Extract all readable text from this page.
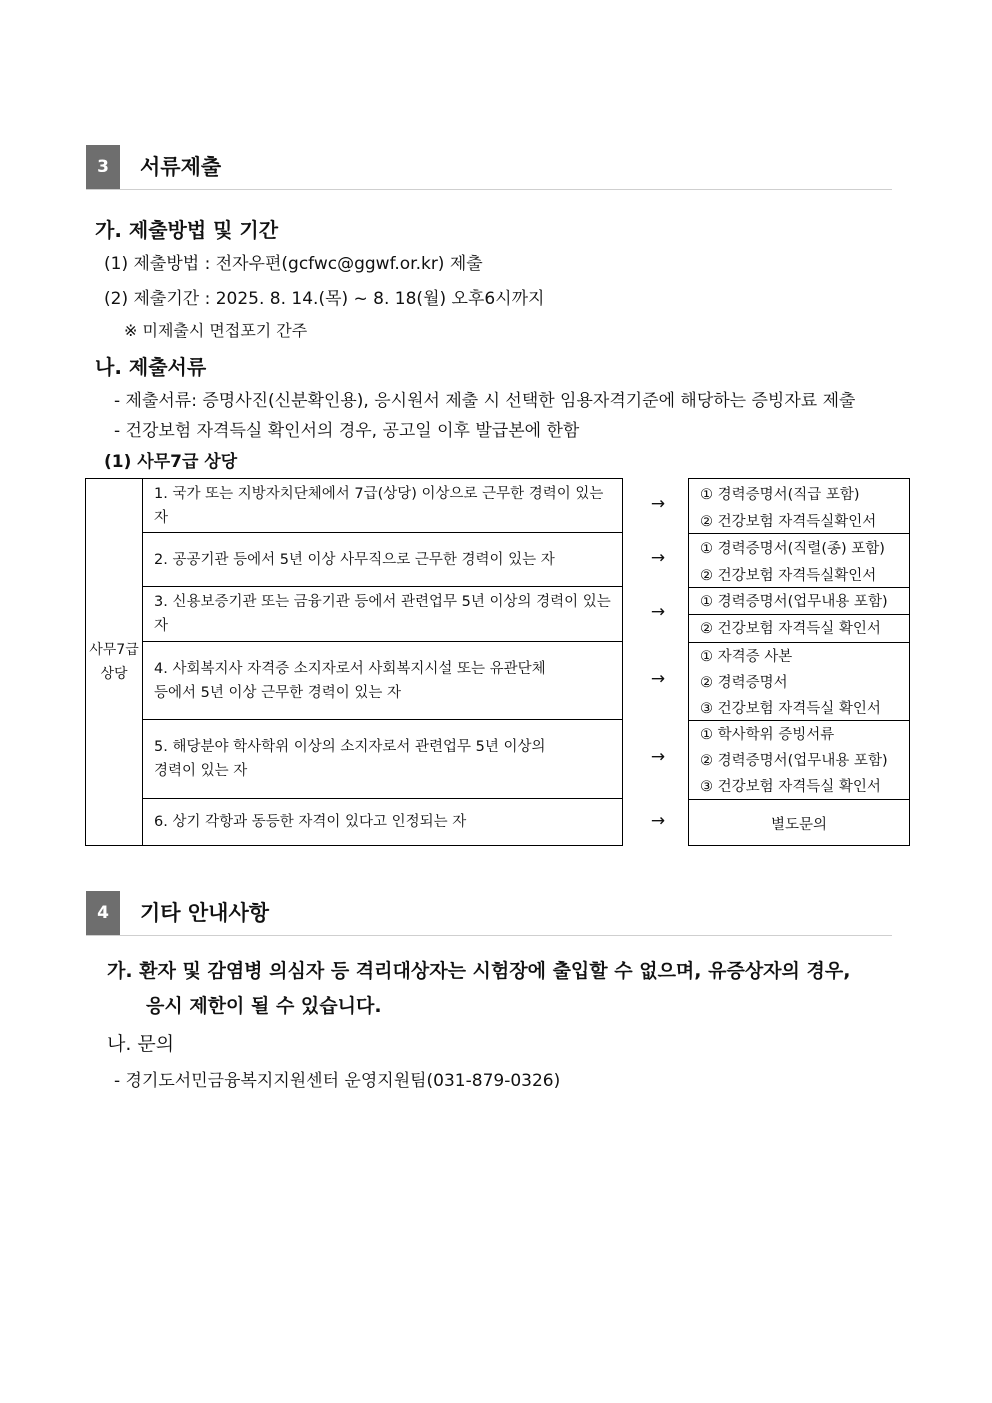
3	서류제출
가. 제출방법 및 기간
(1) 제출방법 : 전자우편(gcfwc@ggwf.or.kr) 제출
(2) 제출기간 : 2025. 8. 14.(목) ~ 8. 18(월) 오후6시까지
※ 미제출시 면접포기 간주
나. 제출서류
- 제출서류: 증명사진(신분확인용), 응시원서 제출 시 선택한 임용자격기준에 해당하는 증빙자료 제출
- 건강보험 자격득실 확인서의 경우, 공고일 이후 발급본에 한함
(1) 사무7급 상당
사무7급
상당
1. 국가 또는 지방자치단체에서 7급(상당) 이상으로 근무한 경력이 있는 자
2. 공공기관 등에서 5년 이상 사무직으로 근무한 경력이 있는 자
3. 신용보증기관 또는 금융기관 등에서 관련업무 5년 이상의 경력이 있는자
4. 사회복지사 자격증 소지자로서 사회복지시설 또는 유관단체
등에서 5년 이상 근무한 경력이 있는 자
5. 해당분야 학사학위 이상의 소지자로서 관련업무 5년 이상의
경력이 있는 자
6. 상기 각항과 동등한 자격이 있다고 인정되는 자
→
→
→
→
→
→
① 경력증명서(직급 포함)
② 건강보험 자격득실확인서
① 경력증명서(직렬(종) 포함)
② 건강보험 자격득실확인서
① 경력증명서(업무내용 포함)
② 건강보험 자격득실 확인서
① 자격증 사본
② 경력증명서
③ 건강보험 자격득실 확인서
① 학사학위 증빙서류
② 경력증명서(업무내용 포함)
③ 건강보험 자격득실 확인서
별도문의
4	기타 안내사항
가. 환자 및 감염병 의심자 등 격리대상자는 시험장에 출입할 수 없으며, 유증상자의 경우,
응시 제한이 될 수 있습니다.
나. 문의
- 경기도서민금융복지지원센터 운영지원팀(031-879-0326)
